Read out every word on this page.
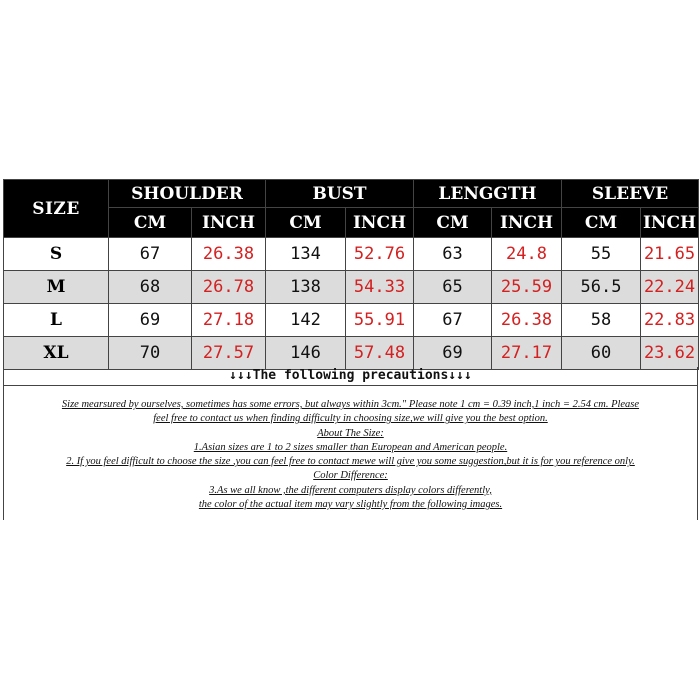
SIZE	SHOULDER		BUST		LENGGTH		SLEEVE	
	CM	INCH	CM	INCH	CM	INCH	CM	INCH
S	67	26.38	134	52.76	63	24.8	55	21.65
M	68	26.78	138	54.33	65	25.59	56.5	22.24
L	69	27.18	142	55.91	67	26.38	58	22.83
XL	70	27.57	146	57.48	69	27.17	60	23.62
↓↓↓The following precautions↓↓↓

Size mearsured by ourselves, sometimes has some errors, but always within 3cm." Please note 1 cm = 0.39 inch,1 inch = 2.54 cm. Please

feel free to contact us when finding difficulty in choosing size,we will give you the best option.

About The Size:

1.Asian sizes are 1 to 2 sizes smaller than European and American people.

2. If you feel difficult to choose the size ,you can feel free to contact mewe will give you some suggestion,but it is for you reference only.

Color Difference:

3.As we all know ,the different computers display colors differently,

the color of the actual item may vary slightly from the following images.
